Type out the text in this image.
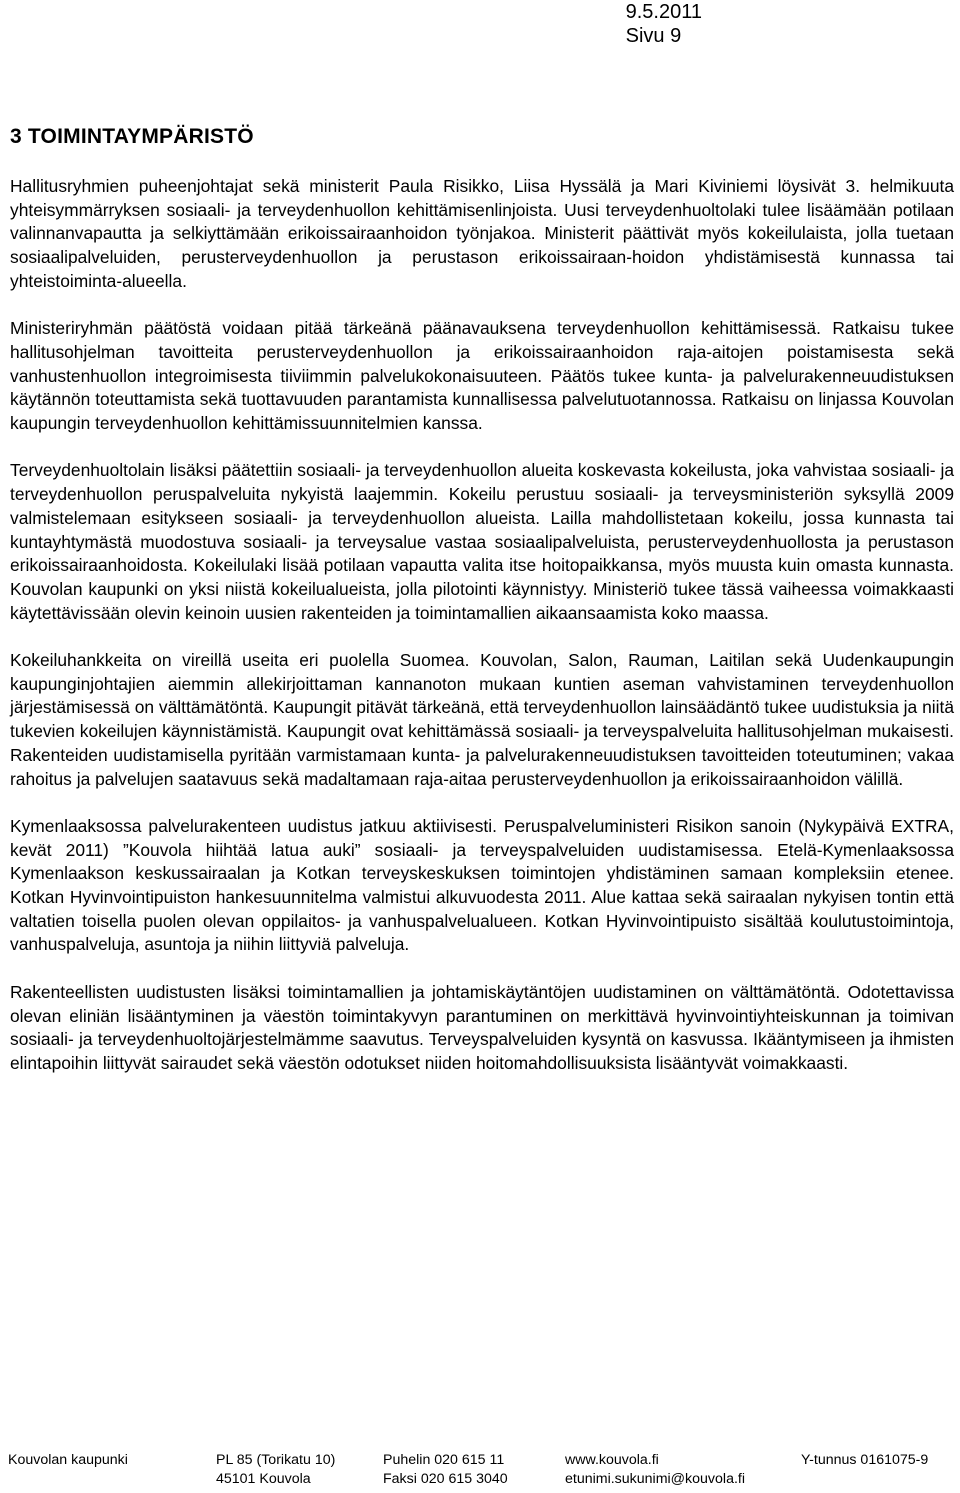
9.5.2011
Sivu 9
3 TOIMINTAYMPÄRISTÖ

Hallitusryhmien puheenjohtajat sekä ministerit Paula Risikko, Liisa Hyssälä ja Mari Kiviniemi löysivät 3. helmikuuta yhteisymmärryksen sosiaali- ja terveydenhuollon kehittämisenlinjoista. Uusi terveydenhuoltolaki tulee lisäämään potilaan valinnanvapautta ja selkiyttämään erikoissairaanhoidon työnjakoa. Ministerit päättivät myös kokeilulaista, jolla tuetaan sosiaalipalveluiden, perusterveydenhuollon ja perustason erikoissairaan-hoidon yhdistämisestä kunnassa tai yhteistoiminta-alueella.

Ministeriryhmän päätöstä voidaan pitää tärkeänä päänavauksena terveydenhuollon kehittämisessä. Ratkaisu tukee hallitusohjelman tavoitteita perusterveydenhuollon ja erikoissairaanhoidon raja-aitojen poistamisesta sekä vanhustenhuollon integroimisesta tiiviimmin palvelukokonaisuuteen. Päätös tukee kunta- ja palvelurakenneuudistuksen käytännön toteuttamista sekä tuottavuuden parantamista kunnallisessa palvelutuotannossa. Ratkaisu on linjassa Kouvolan kaupungin terveydenhuollon kehittämissuunnitelmien kanssa.

Terveydenhuoltolain lisäksi päätettiin sosiaali- ja terveydenhuollon alueita koskevasta kokeilusta, joka vahvistaa sosiaali- ja terveydenhuollon peruspalveluita nykyistä laajemmin. Kokeilu perustuu sosiaali- ja terveysministeriön syksyllä 2009 valmistelemaan esitykseen sosiaali- ja terveydenhuollon alueista. Lailla mahdollistetaan kokeilu, jossa kunnasta tai kuntayhtymästä muodostuva sosiaali- ja terveysalue vastaa sosiaalipalveluista, perusterveydenhuollosta ja perustason erikoissairaanhoidosta. Kokeilulaki lisää potilaan vapautta valita itse hoitopaikkansa, myös muusta kuin omasta kunnasta. Kouvolan kaupunki on yksi niistä kokeilualueista, jolla pilotointi käynnistyy. Ministeriö tukee tässä vaiheessa voimakkaasti käytettävissään olevin keinoin uusien rakenteiden ja toimintamallien aikaansaamista koko maassa.

Kokeiluhankkeita on vireillä useita eri puolella Suomea. Kouvolan, Salon, Rauman, Laitilan sekä Uudenkaupungin kaupunginjohtajien aiemmin allekirjoittaman kannanoton mukaan kuntien aseman vahvistaminen terveydenhuollon järjestämisessä on välttämätöntä. Kaupungit pitävät tärkeänä, että terveydenhuollon lainsäädäntö tukee uudistuksia ja niitä tukevien kokeilujen käynnistämistä. Kaupungit ovat kehittämässä sosiaali- ja terveyspalveluita hallitusohjelman mukaisesti. Rakenteiden uudistamisella pyritään varmistamaan kunta- ja palvelurakenneuudistuksen tavoitteiden toteutuminen; vakaa rahoitus ja palvelujen saatavuus sekä madaltamaan raja-aitaa perusterveydenhuollon ja erikoissairaanhoidon välillä.

Kymenlaaksossa palvelurakenteen uudistus jatkuu aktiivisesti. Peruspalveluministeri Risikon sanoin (Nykypäivä EXTRA, kevät 2011) ”Kouvola hiihtää latua auki” sosiaali- ja terveyspalveluiden uudistamisessa. Etelä-Kymenlaaksossa Kymenlaakson keskussairaalan ja Kotkan terveyskeskuksen toimintojen yhdistäminen samaan kompleksiin etenee. Kotkan Hyvinvointipuiston hankesuunnitelma valmistui alkuvuodesta 2011. Alue kattaa sekä sairaalan nykyisen tontin että valtatien toisella puolen olevan oppilaitos- ja vanhuspalvelualueen. Kotkan Hyvinvointipuisto sisältää koulutustoimintoja, vanhuspalveluja, asuntoja ja niihin liittyviä palveluja.

Rakenteellisten uudistusten lisäksi toimintamallien ja johtamiskäytäntöjen uudistaminen on välttämätöntä. Odotettavissa olevan eliniän lisääntyminen ja väestön toimintakyvyn parantuminen on merkittävä hyvinvointiyhteiskunnan ja toimivan sosiaali- ja terveydenhuoltojärjestelmämme saavutus. Terveyspalveluiden kysyntä on kasvussa. Ikääntymiseen ja ihmisten elintapoihin liittyvät sairaudet sekä väestön odotukset niiden hoitomahdollisuuksista lisääntyvät voimakkaasti.

Kouvolan kaupunki	PL 85 (Torikatu 10)
45101 Kouvola
Puhelin 020 615 11
Faksi 020 615 3040
www.kouvola.fi
etunimi.sukunimi@kouvola.fi
Y-tunnus 0161075-9
